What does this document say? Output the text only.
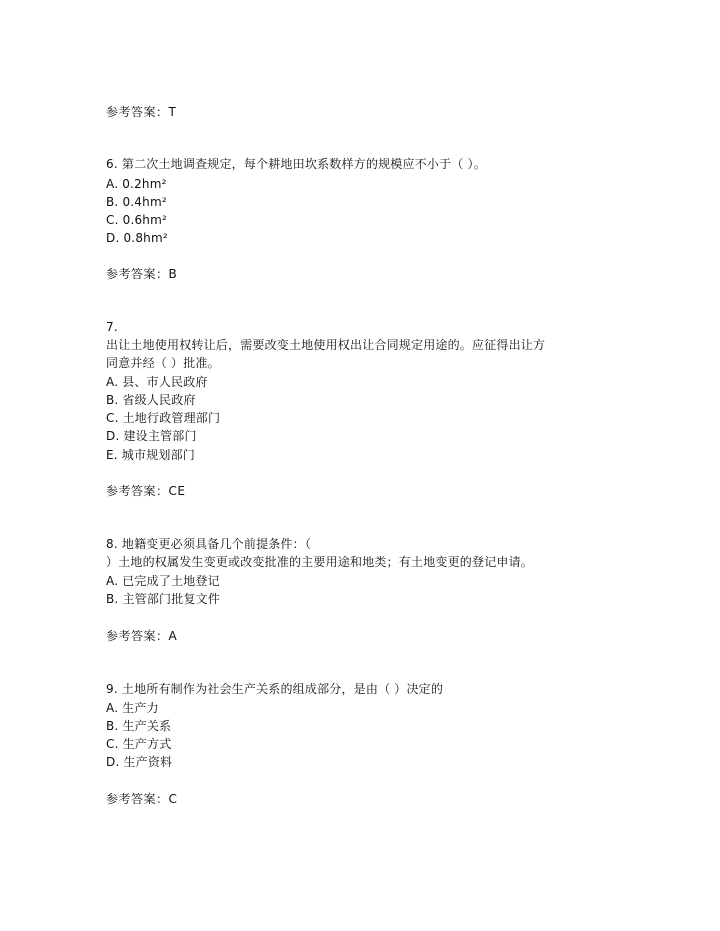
参考答案：T
6. 第二次土地调查规定，每个耕地田坎系数样方的规模应不小于（ ）。
A. 0.2hm²
B. 0.4hm²
C. 0.6hm²
D. 0.8hm²
参考答案：B
7.
出让土地使用权转让后，需要改变土地使用权出让合同规定用途的。应征得出让方
同意并经（ ）批准。
A. 县、市人民政府
B. 省级人民政府
C. 土地行政管理部门
D. 建设主管部门
E. 城市规划部门
参考答案：CE
8. 地籍变更必须具备几个前提条件：（
）土地的权属发生变更或改变批准的主要用途和地类；有土地变更的登记申请。
A. 已完成了土地登记
B. 主管部门批复文件
参考答案：A
9. 土地所有制作为社会生产关系的组成部分，是由（ ）决定的
A. 生产力
B. 生产关系
C. 生产方式
D. 生产资料
参考答案：C
